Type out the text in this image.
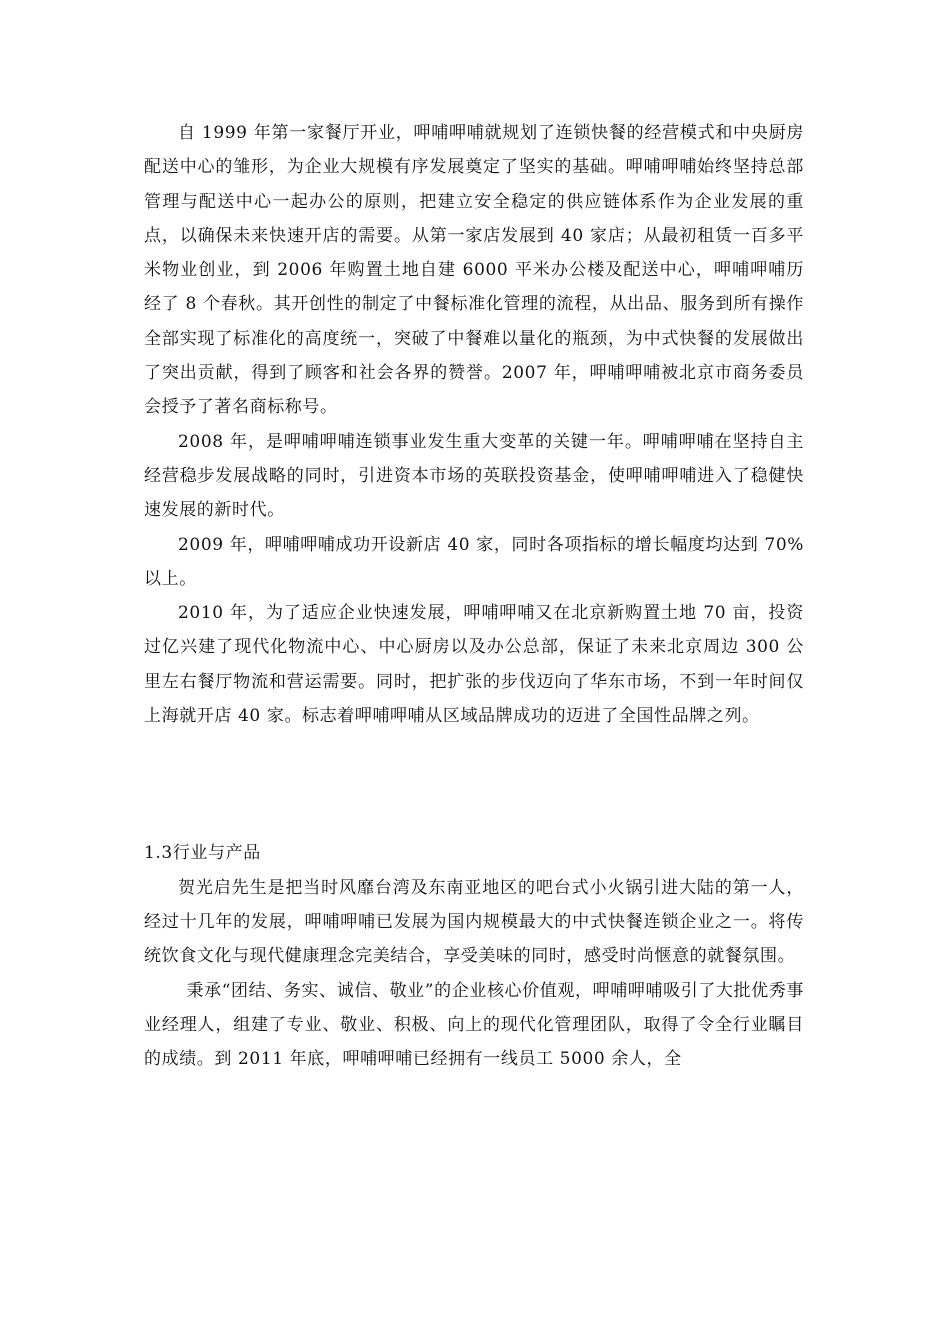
自 1999 年第一家餐厅开业，呷哺呷哺就规划了连锁快餐的经营模式和中央厨房配送中心的雏形，为企业大规模有序发展奠定了坚实的基础。呷哺呷哺始终坚持总部管理与配送中心一起办公的原则，把建立安全稳定的供应链体系作为企业发展的重点，以确保未来快速开店的需要。从第一家店发展到 40 家店；从最初租赁一百多平米物业创业，到 2006 年购置土地自建 6000 平米办公楼及配送中心，呷哺呷哺历经了 8 个春秋。其开创性的制定了中餐标准化管理的流程，从出品、服务到所有操作全部实现了标准化的高度统一，突破了中餐难以量化的瓶颈，为中式快餐的发展做出了突出贡献，得到了顾客和社会各界的赞誉。2007 年，呷哺呷哺被北京市商务委员会授予了著名商标称号。

2008 年，是呷哺呷哺连锁事业发生重大变革的关键一年。呷哺呷哺在坚持自主经营稳步发展战略的同时，引进资本市场的英联投资基金，使呷哺呷哺进入了稳健快速发展的新时代。

2009 年，呷哺呷哺成功开设新店 40 家，同时各项指标的增长幅度均达到 70%以上。

2010 年，为了适应企业快速发展，呷哺呷哺又在北京新购置土地 70 亩，投资过亿兴建了现代化物流中心、中心厨房以及办公总部，保证了未来北京周边 300 公里左右餐厅物流和营运需要。同时，把扩张的步伐迈向了华东市场，不到一年时间仅上海就开店 40 家。标志着呷哺呷哺从区域品牌成功的迈进了全国性品牌之列。

1.3行业与产品

贺光启先生是把当时风靡台湾及东南亚地区的吧台式小火锅引进大陆的第一人，经过十几年的发展，呷哺呷哺已发展为国内规模最大的中式快餐连锁企业之一。将传统饮食文化与现代健康理念完美结合，享受美味的同时，感受时尚惬意的就餐氛围。

秉承“团结、务实、诚信、敬业”的企业核心价值观，呷哺呷哺吸引了大批优秀事业经理人，组建了专业、敬业、积极、向上的现代化管理团队，取得了令全行业瞩目的成绩。到 2011 年底，呷哺呷哺已经拥有一线员工 5000 余人，全
